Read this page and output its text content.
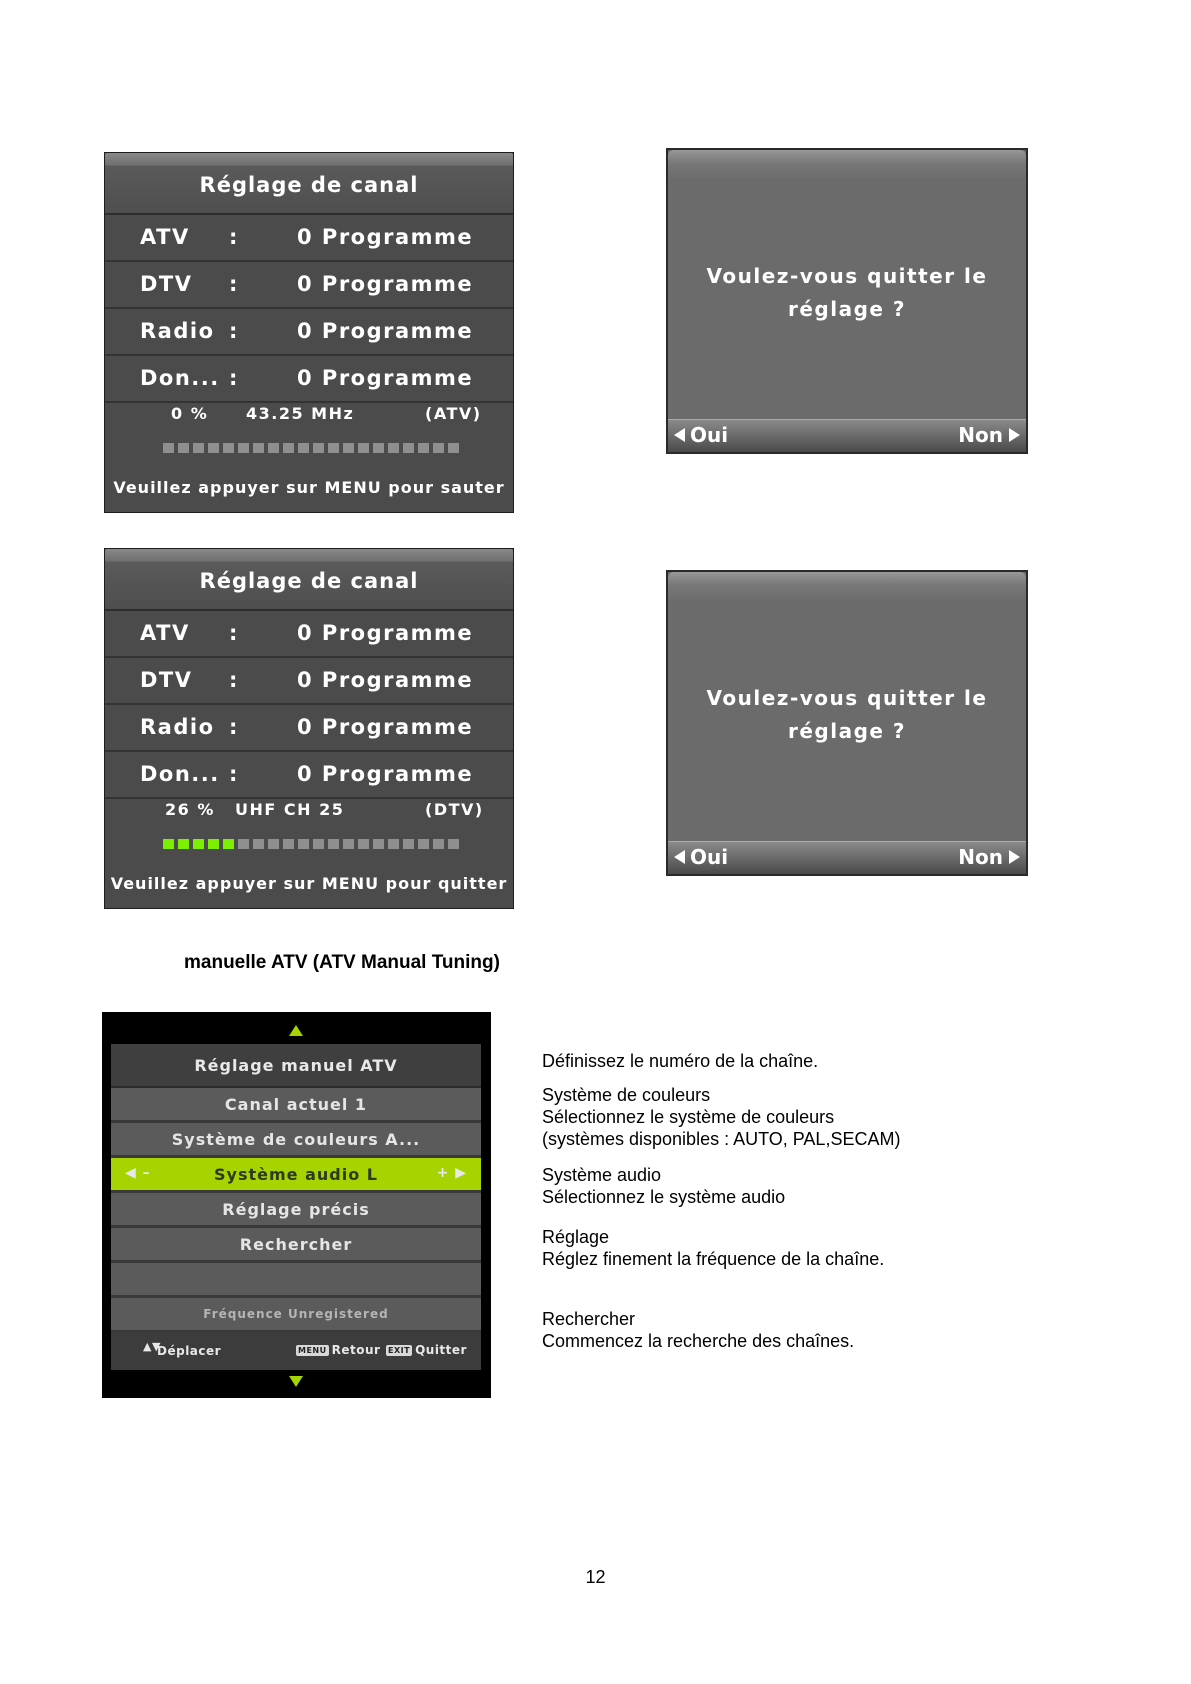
Réglage de canal
ATV :	0 Programme
DTV :	0 Programme
Radio :	0 Programme
Don... :	0 Programme
0 % 43.25 MHz	(ATV)
Veuillez appuyer sur MENU pour sauter
Réglage de canal
ATV :	0 Programme
DTV :	0 Programme
Radio :	0 Programme
Don... :	0 Programme
26 % UHF CH 25	(DTV)
Veuillez appuyer sur MENU pour quitter
Voulez-vous quitter le
réglage ?
Oui	Non
Voulez-vous quitter le
réglage ?
Oui	Non
manuelle ATV (ATV Manual Tuning)
Réglage manuel ATV
Canal actuel 1
Système de couleurs A...
◀ –	Système audio L	+ ▶
Réglage précis
Rechercher
Fréquence Unregistered
▲▼
Déplacer	MENU Retour EXIT Quitter

Définissez le numéro de la chaîne.

Système de couleurs

Sélectionnez le système de couleurs

(systèmes disponibles : AUTO, PAL,SECAM)

Système audio

Sélectionnez le système audio

Réglage

Réglez finement la fréquence de la chaîne.

Rechercher

Commencez la recherche des chaînes.

12
